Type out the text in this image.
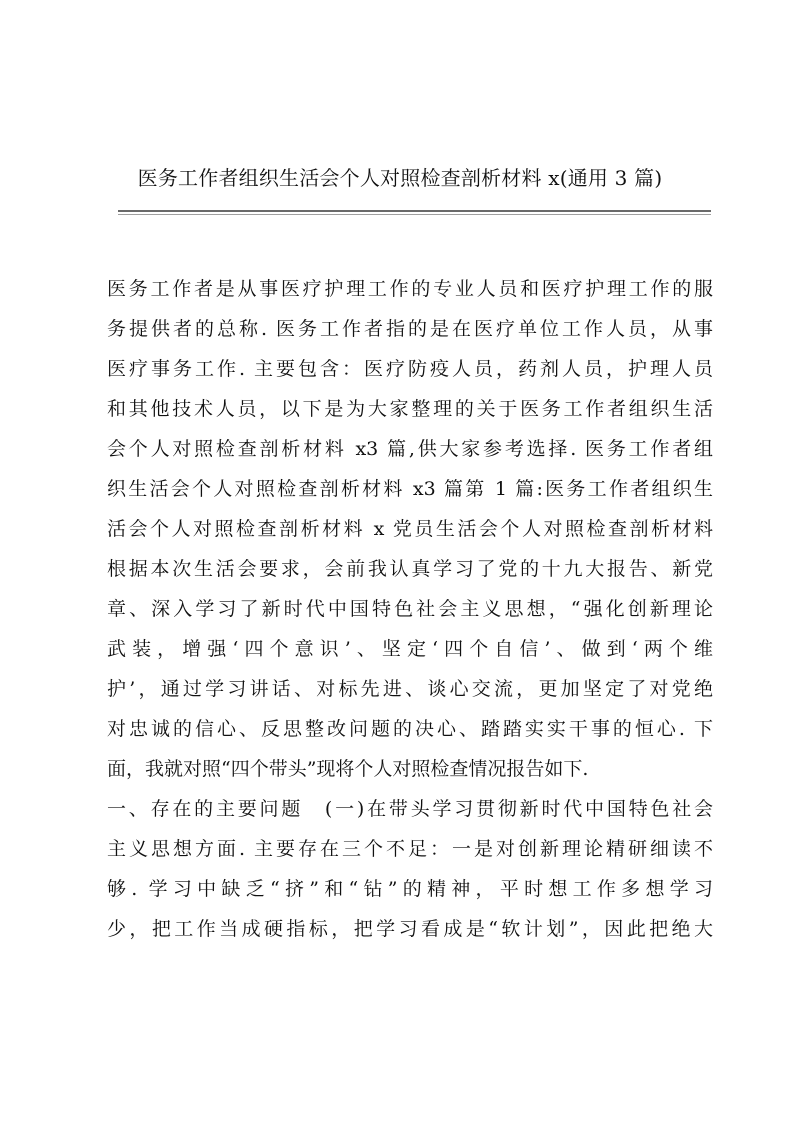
医务工作者组织生活会个人对照检查剖析材料 x(通用 3 篇)
医务工作者是从事医疗护理工作的专业人员和医疗护理工作的服
务提供者的总称. 医务工作者指的是在医疗单位工作人员，从事
医疗事务工作. 主要包含：医疗防疫人员，药剂人员，护理人员
和其他技术人员，以下是为大家整理的关于医务工作者组织生活
会个人对照检查剖析材料 x3 篇,供大家参考选择. 医务工作者组
织生活会个人对照检查剖析材料 x3 篇第 1 篇:医务工作者组织生
活会个人对照检查剖析材料 x 党员生活会个人对照检查剖析材料
根据本次生活会要求，会前我认真学习了党的十九大报告、新党
章、深入学习了新时代中国特色社会主义思想，“强化创新理论
武装，增强‘四个意识’、坚定‘四个自信’、做到‘两个维
护’，通过学习讲话、对标先进、谈心交流，更加坚定了对党绝
对忠诚的信心、反思整改问题的决心、踏踏实实干事的恒心. 下
面，我就对照“四个带头”现将个人对照检查情况报告如下.
一、存在的主要问题　(一)在带头学习贯彻新时代中国特色社会
主义思想方面. 主要存在三个不足：一是对创新理论精研细读不
够. 学习中缺乏“挤”和“钻”的精神，平时想工作多想学习
少，把工作当成硬指标，把学习看成是“软计划”，因此把绝大
